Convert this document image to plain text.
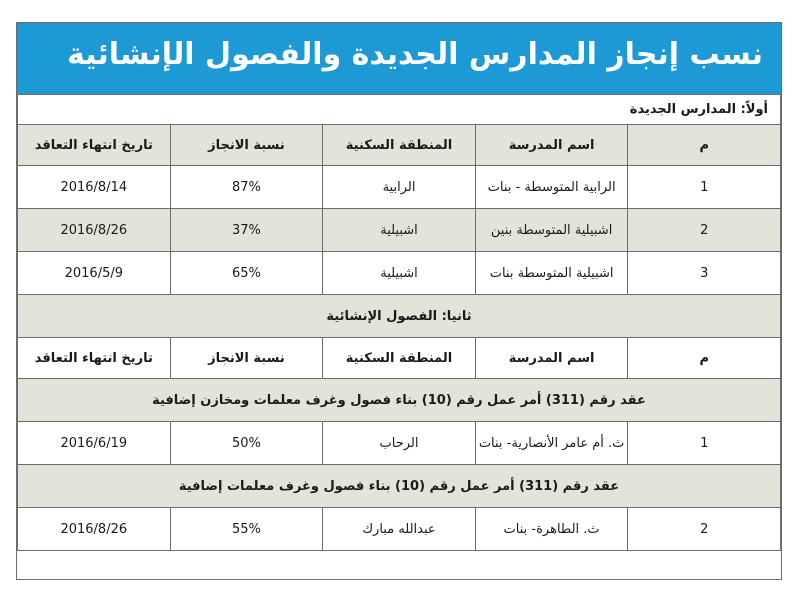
نسب إنجاز المدارس الجديدة والفصول الإنشائية
أولاً: المدارس الجديدة				
م	اسم المدرسة	المنطقة السكنية	نسبة الانجاز	تاريخ انتهاء التعاقد
1	الرابية المتوسطة - بنات	الرابية	87%	2016/8/14
2	اشبيلية المتوسطة بنين	اشبيلية	37%	2016/8/26
3	اشبيلية المتوسطة بنات	اشبيلية	65%	2016/5/9
ثانيا: الفصول الإنشائية				
م	اسم المدرسة	المنطقة السكنية	نسبة الانجاز	تاريخ انتهاء التعاقد
عقد رقم (311) أمر عمل رقم (10) بناء فصول وغرف معلمات ومخازن إضافية				
1	ث. أم عامر الأنصارية- بنات	الرحاب	50%	2016/6/19
عقد رقم (311) أمر عمل رقم (10) بناء فصول وغرف معلمات إضافية				
2	ث. الطاهرة- بنات	عبدالله مبارك	55%	2016/8/26
